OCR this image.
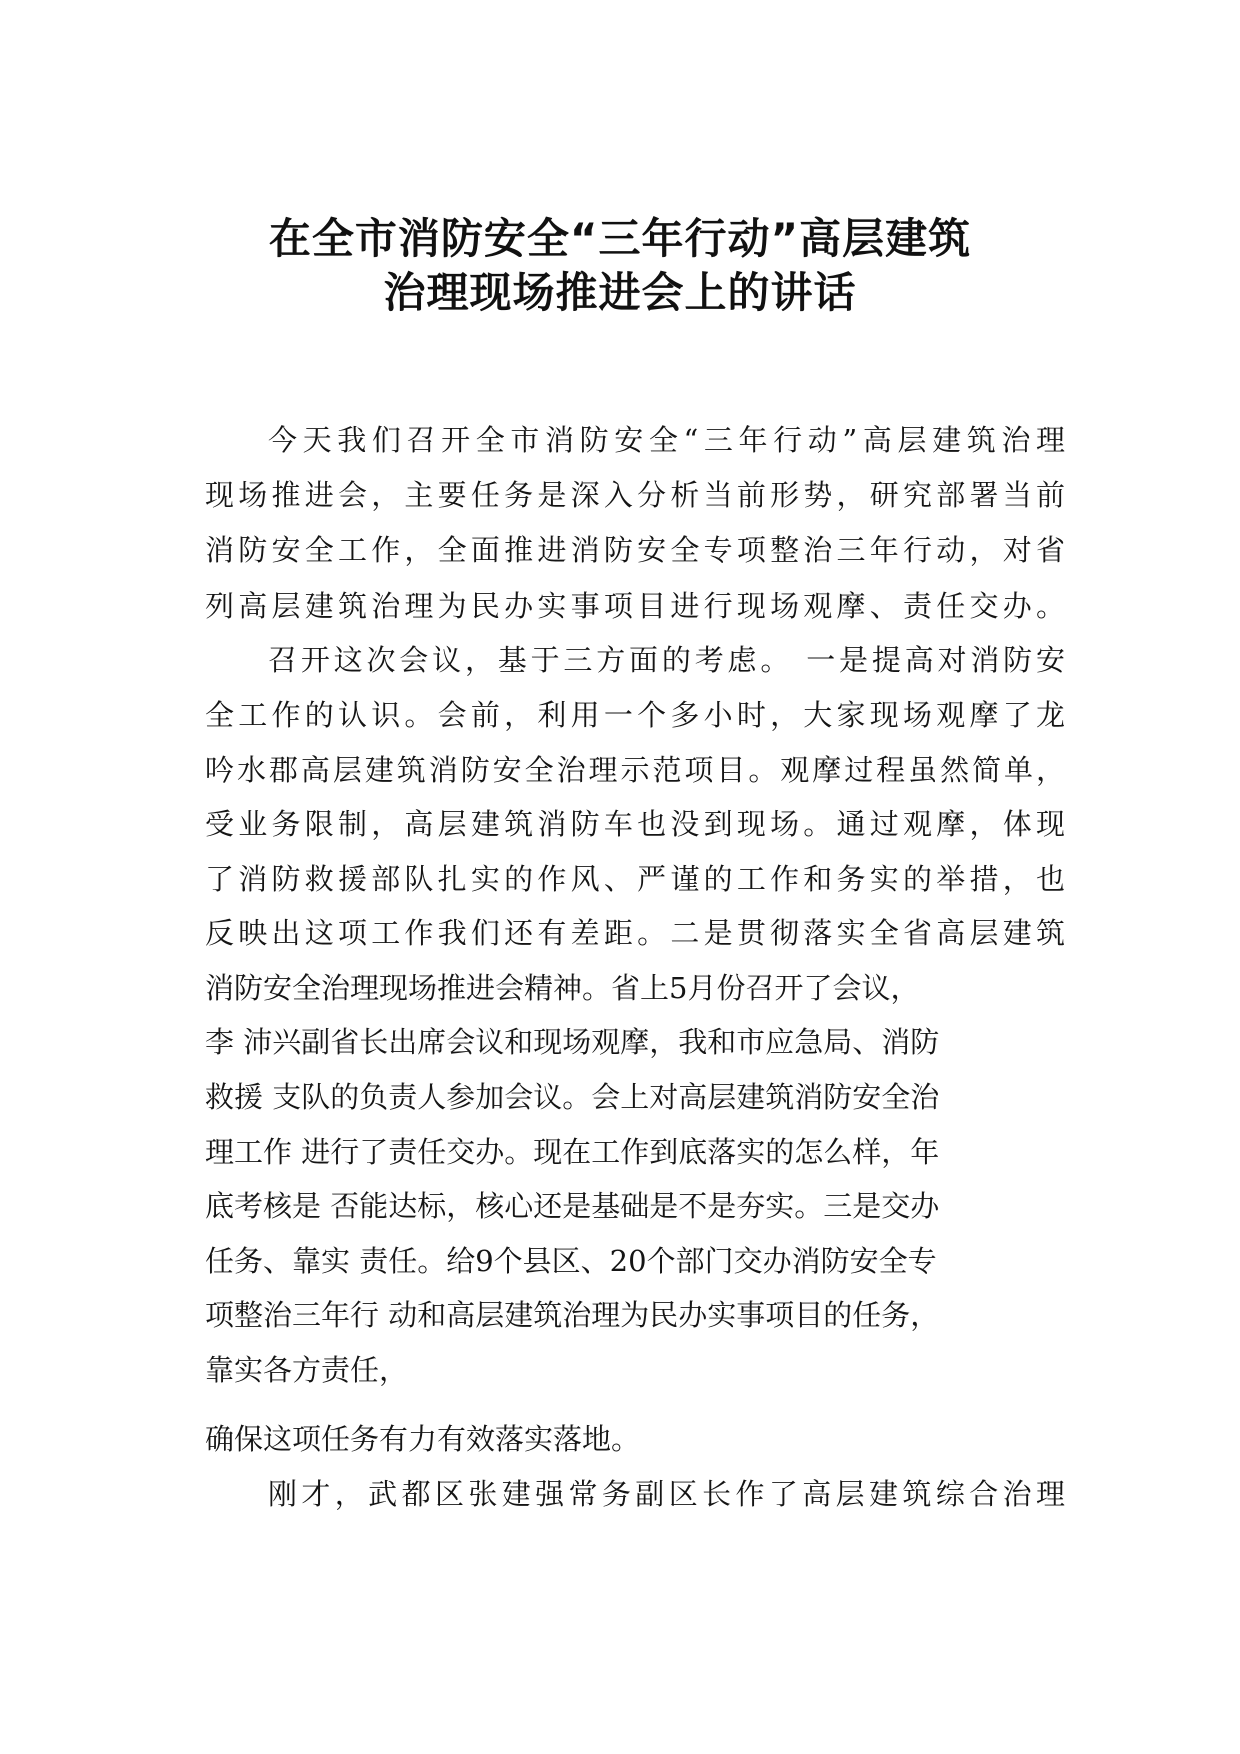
在全市消防安全“三年行动”高层建筑
治理现场推进会上的讲话
今天我们召开全市消防安全“三年行动”高层建筑治理
现场推进会，主要任务是深入分析当前形势，研究部署当前
消防安全工作，全面推进消防安全专项整治三年行动，对省
列高层建筑治理为民办实事项目进行现场观摩、责任交办。
召开这次会议，基于三方面的考虑。 一是提高对消防安
全工作的认识。会前，利用一个多小时，大家现场观摩了龙
吟水郡高层建筑消防安全治理示范项目。观摩过程虽然简单，
受业务限制，高层建筑消防车也没到现场。通过观摩，体现
了消防救援部队扎实的作风、严谨的工作和务实的举措，也
反映出这项工作我们还有差距。二是贯彻落实全省高层建筑
消防安全治理现场推进会精神。省上5月份召开了会议，
李 沛兴副省长出席会议和现场观摩，我和市应急局、消防
救援 支队的负责人参加会议。会上对高层建筑消防安全治
理工作 进行了责任交办。现在工作到底落实的怎么样，年
底考核是 否能达标，核心还是基础是不是夯实。三是交办
任务、靠实 责任。给9个县区、20个部门交办消防安全专
项整治三年行 动和高层建筑治理为民办实事项目的任务，
靠实各方责任，
确保这项任务有力有效落实落地。
刚才，武都区张建强常务副区长作了高层建筑综合治理
